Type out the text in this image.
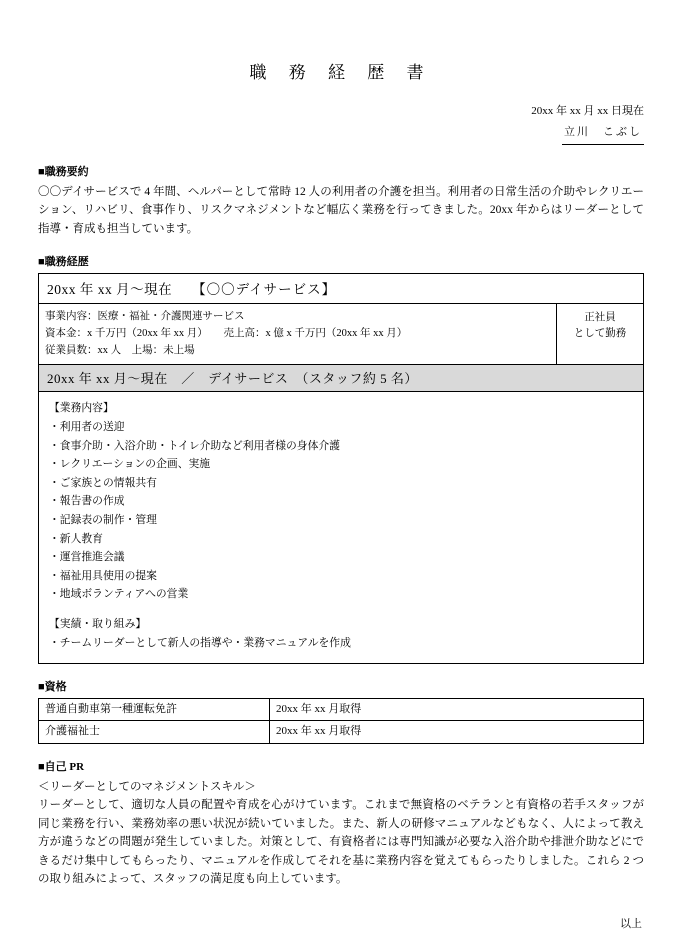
職 務 経 歴 書
20xx 年 xx 月 xx 日現在
立川　こぶし
■職務要約
〇〇デイサービスで 4 年間、ヘルパーとして常時 12 人の利用者の介護を担当。利用者の日常生活の介助やレクリエーション、リハビリ、食事作り、リスクマネジメントなど幅広く業務を行ってきました。20xx 年からはリーダーとして指導・育成も担当しています。
■職務経歴
20xx 年 xx 月～現在 【〇〇デイサービス】
事業内容：医療・福祉・介護関連サービス
資本金：x 千万円（20xx 年 xx 月）　　売上高：x 億 x 千万円（20xx 年 xx 月）
従業員数：xx 人　上場：未上場
正社員
として勤務
20xx 年 xx 月～現在　／　デイサービス　（スタッフ約 5 名）
【業務内容】
・利用者の送迎
・食事介助・入浴介助・トイレ介助など利用者様の身体介護
・レクリエーションの企画、実施
・ご家族との情報共有
・報告書の作成
・記録表の制作・管理
・新人教育
・運営推進会議
・福祉用具使用の提案
・地域ボランティアへの営業
【実績・取り組み】
・チームリーダーとして新人の指導や・業務マニュアルを作成
■資格
普通自動車第一種運転免許	20xx 年 xx 月取得
介護福祉士	20xx 年 xx 月取得
■自己 PR
＜リーダーとしてのマネジメントスキル＞
リーダーとして、適切な人員の配置や育成を心がけています。これまで無資格のベテランと有資格の若手スタッフが同じ業務を行い、業務効率の悪い状況が続いていました。また、新人の研修マニュアルなどもなく、人によって教え方が違うなどの問題が発生していました。対策として、有資格者には専門知識が必要な入浴介助や排泄介助などにできるだけ集中してもらったり、マニュアルを作成してそれを基に業務内容を覚えてもらったりしました。これら 2 つの取り組みによって、スタッフの満足度も向上しています。
以上
